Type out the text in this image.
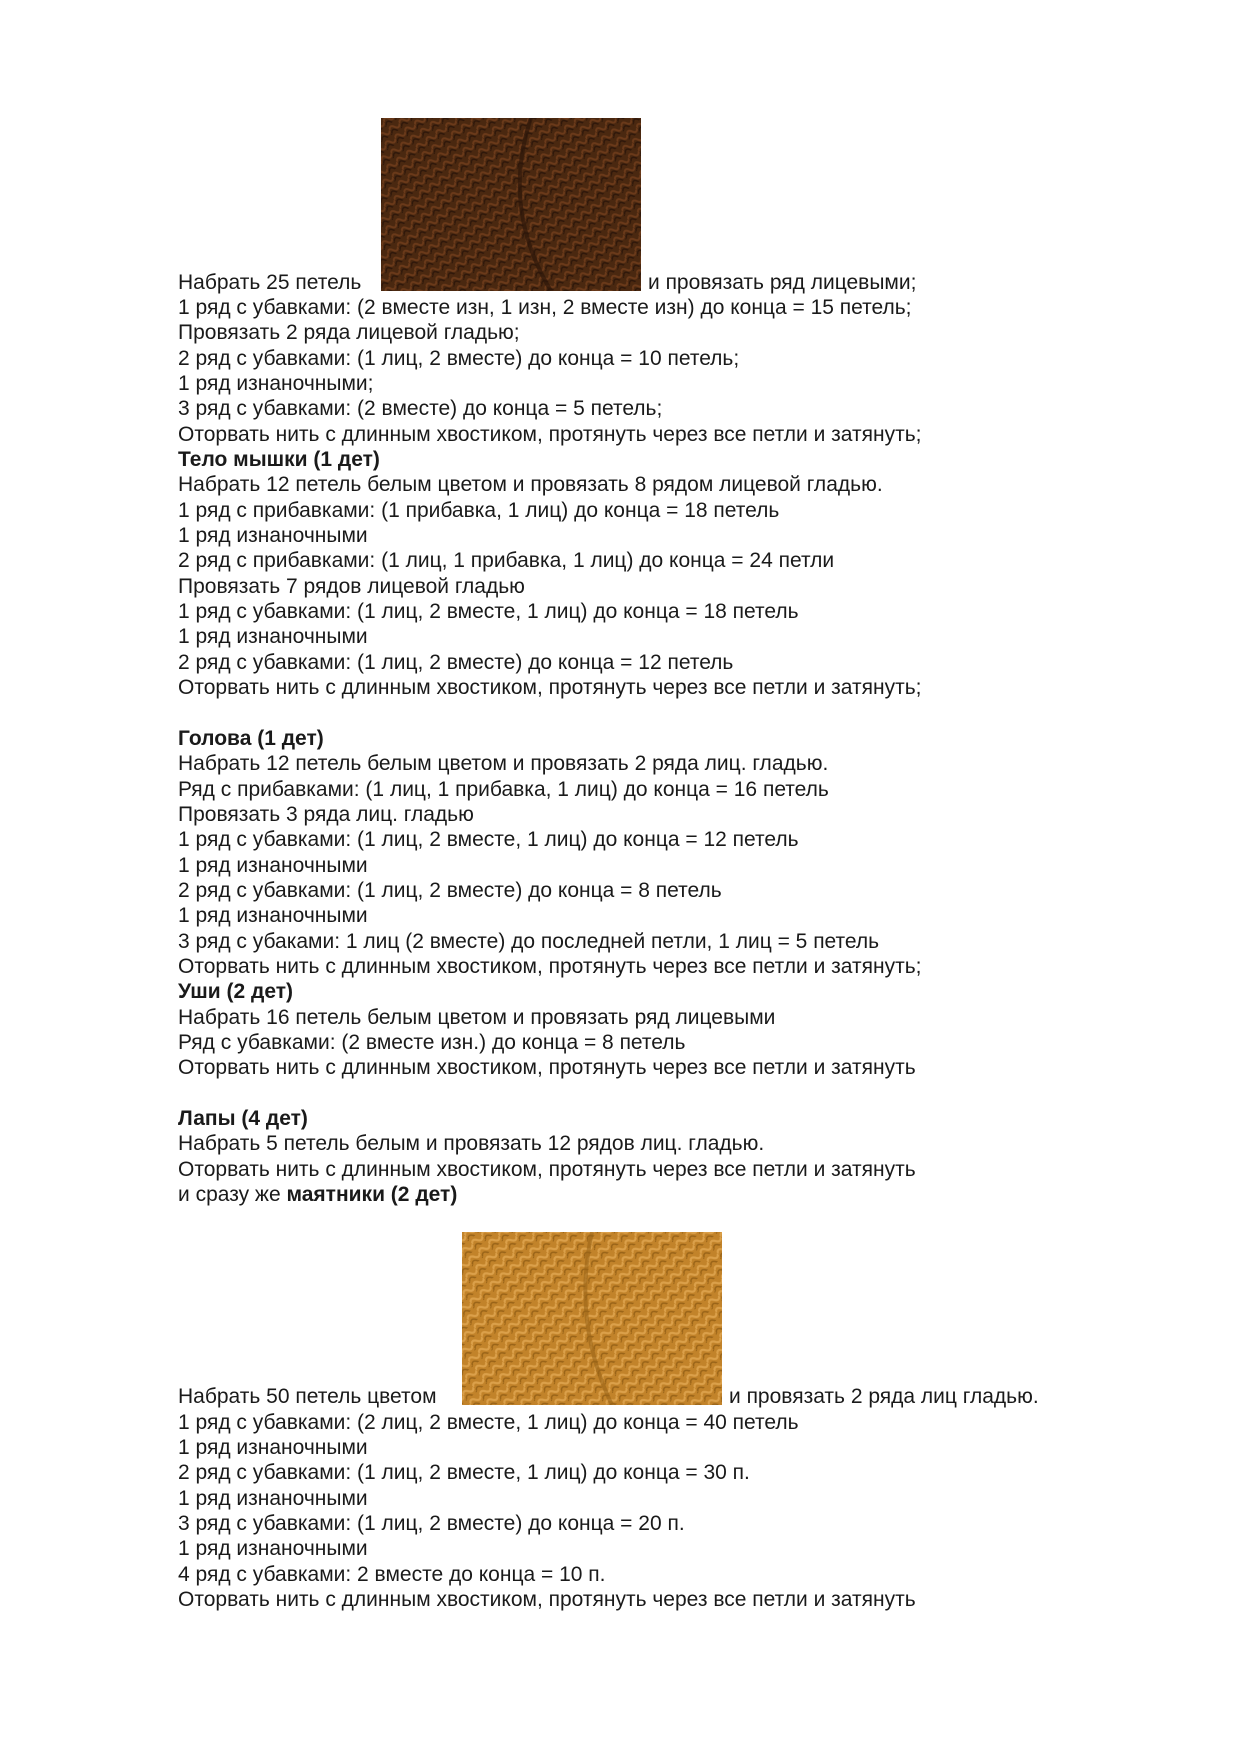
Набрать 25 петель	и провязать ряд лицевыми;
1 ряд с убавками: (2 вместе изн, 1 изн, 2 вместе изн) до конца = 15 петель;
Провязать 2 ряда лицевой гладью;
2 ряд с убавками: (1 лиц, 2 вместе) до конца = 10 петель;
1 ряд изнаночными;
3 ряд с убавками: (2 вместе) до конца = 5 петель;
Оторвать нить с длинным хвостиком, протянуть через все петли и затянуть;
Тело мышки (1 дет)
Набрать 12 петель белым цветом и провязать 8 рядом лицевой гладью.
1 ряд с прибавками: (1 прибавка, 1 лиц) до конца = 18 петель
1 ряд изнаночными
2 ряд с прибавками: (1 лиц, 1 прибавка, 1 лиц) до конца = 24 петли
Провязать 7 рядов лицевой гладью
1 ряд с убавками: (1 лиц, 2 вместе, 1 лиц) до конца = 18 петель
1 ряд изнаночными
2 ряд с убавками: (1 лиц, 2 вместе) до конца = 12 петель
Оторвать нить с длинным хвостиком, протянуть через все петли и затянуть;
Голова (1 дет)
Набрать 12 петель белым цветом и провязать 2 ряда лиц. гладью.
Ряд с прибавками: (1 лиц, 1 прибавка, 1 лиц) до конца = 16 петель
Провязать 3 ряда лиц. гладью
1 ряд с убавками: (1 лиц, 2 вместе, 1 лиц) до конца = 12 петель
1 ряд изнаночными
2 ряд с убавками: (1 лиц, 2 вместе) до конца = 8 петель
1 ряд изнаночными
3 ряд с убаками: 1 лиц (2 вместе) до последней петли, 1 лиц = 5 петель
Оторвать нить с длинным хвостиком, протянуть через все петли и затянуть;
Уши (2 дет)
Набрать 16 петель белым цветом и провязать ряд лицевыми
Ряд с убавками: (2 вместе изн.) до конца = 8 петель
Оторвать нить с длинным хвостиком, протянуть через все петли и затянуть
Лапы (4 дет)
Набрать 5 петель белым и провязать 12 рядов лиц. гладью.
Оторвать нить с длинным хвостиком, протянуть через все петли и затянуть
и сразу же маятники (2 дет)
Набрать 50 петель цветом	и провязать 2 ряда лиц гладью.
1 ряд с убавками: (2 лиц, 2 вместе, 1 лиц) до конца = 40 петель
1 ряд изнаночными
2 ряд с убавками: (1 лиц, 2 вместе, 1 лиц) до конца = 30 п.
1 ряд изнаночными
3 ряд с убавками: (1 лиц, 2 вместе) до конца = 20 п.
1 ряд изнаночными
4 ряд с убавками: 2 вместе до конца = 10 п.
Оторвать нить с длинным хвостиком, протянуть через все петли и затянуть
